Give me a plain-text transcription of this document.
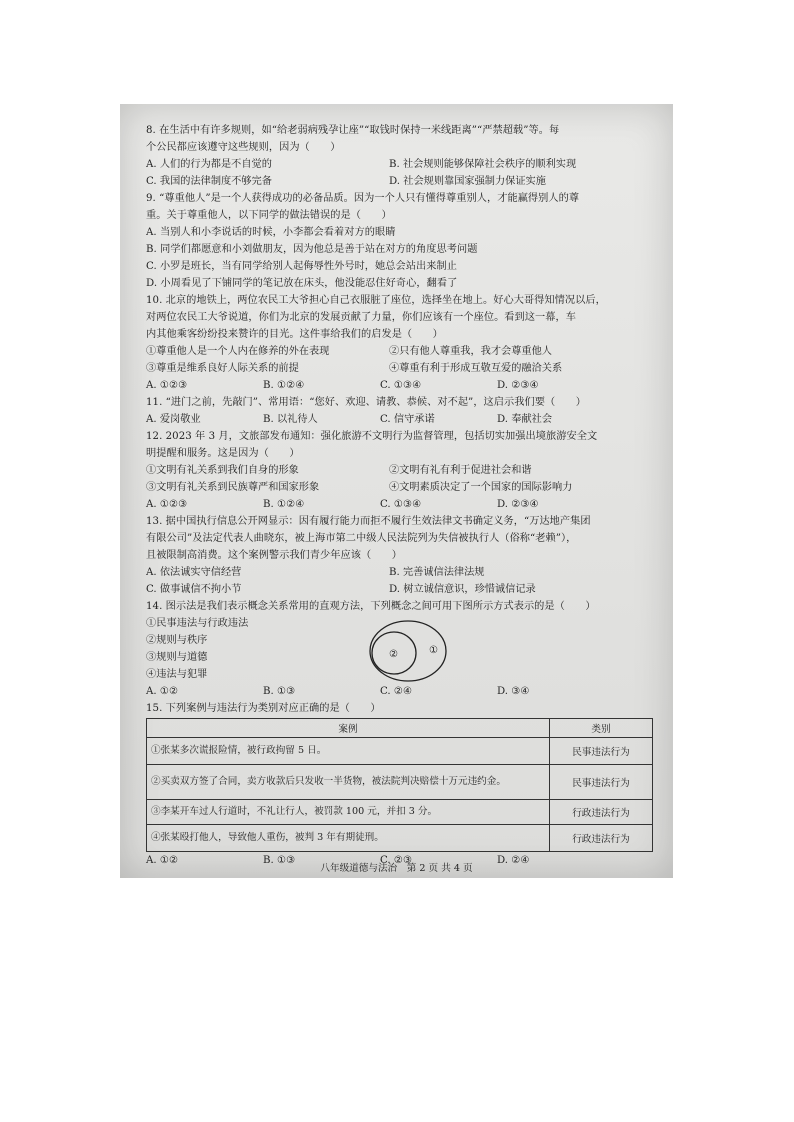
8. 在生活中有许多规则，如“给老弱病残孕让座”“取钱时保持一米线距离”“严禁超载”等。每
个公民都应该遵守这些规则，因为（　　）
A. 人们的行为都是不自觉的	B. 社会规则能够保障社会秩序的顺利实现
C. 我国的法律制度不够完备	D. 社会规则靠国家强制力保证实施
9. “尊重他人”是一个人获得成功的必备品质。因为一个人只有懂得尊重别人，才能赢得别人的尊
重。关于尊重他人，以下同学的做法错误的是（　　）
A. 当别人和小李说话的时候，小李都会看着对方的眼睛
B. 同学们都愿意和小刘做朋友，因为他总是善于站在对方的角度思考问题
C. 小罗是班长，当有同学给别人起侮辱性外号时，她总会站出来制止
D. 小周看见了下铺同学的笔记放在床头，他没能忍住好奇心，翻看了
10. 北京的地铁上，两位农民工大爷担心自己衣服脏了座位，选择坐在地上。好心大哥得知情况以后，
对两位农民工大爷说道，你们为北京的发展贡献了力量，你们应该有一个座位。看到这一幕，车
内其他乘客纷纷投来赞许的目光。这件事给我们的启发是（　　）
①尊重他人是一个人内在修养的外在表现	②只有他人尊重我，我才会尊重他人
③尊重是维系良好人际关系的前提	④尊重有利于形成互敬互爱的融洽关系
A. ①②③	B. ①②④	C. ①③④	D. ②③④
11. “进门之前，先敲门”、常用语：“您好、欢迎、请教、恭候、对不起”，这启示我们要（　　）
A. 爱岗敬业	B. 以礼待人	C. 信守承诺	D. 奉献社会
12. 2023 年 3 月，文旅部发布通知：强化旅游不文明行为监督管理，包括切实加强出境旅游安全文
明提醒和服务。这是因为（　　）
①文明有礼关系到我们自身的形象	②文明有礼有利于促进社会和谐
③文明有礼关系到民族尊严和国家形象	④文明素质决定了一个国家的国际影响力
A. ①②③	B. ①②④	C. ①③④	D. ②③④
13. 据中国执行信息公开网显示：因有履行能力而拒不履行生效法律文书确定义务，“万达地产集团
有限公司”及法定代表人曲晓东，被上海市第二中级人民法院列为失信被执行人（俗称“老赖”），
且被限制高消费。这个案例警示我们青少年应该（　　）
A. 依法诚实守信经营	B. 完善诚信法律法规
C. 做事诚信不拘小节	D. 树立诚信意识，珍惜诚信记录
14. 图示法是我们表示概念关系常用的直观方法，下列概念之间可用下图所示方式表示的是（　　）
①民事违法与行政违法
②规则与秩序
③规则与道德
④违法与犯罪
②	①
A. ①②	B. ①③	C. ②④	D. ③④
15. 下列案例与违法行为类别对应正确的是（　　）
案例	类别
①张某多次谎报险情，被行政拘留 5 日。	民事违法行为
②买卖双方签了合同，卖方收款后只发收一半货物，被法院判决赔偿十万元违约金。	民事违法行为
③李某开车过人行道时，不礼让行人，被罚款 100 元，并扣 3 分。	行政违法行为
④张某殴打他人，导致他人重伤，被判 3 年有期徒刑。	行政违法行为
A. ①②	B. ①③	C. ②③	D. ②④
八年级道德与法治　第 2 页 共 4 页
